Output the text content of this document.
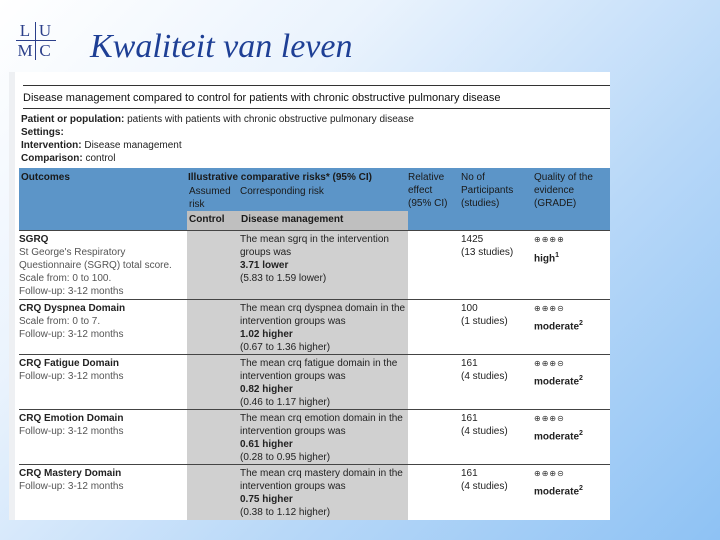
L U
M C Kwaliteit van leven
Disease management compared to control for patients with chronic obstructive pulmonary disease
Patient or population: patients with patients with chronic obstructive pulmonary disease
Settings:
Intervention: Disease management
Comparison: control
Outcomes	Illustrative comparative risks* (95% CI)
Assumed
risk
Corresponding risk
Control Disease management
Relative
effect
(95% CI)
No of
Participants
(studies)
Quality of the
evidence
(GRADE)
SGRQ
St George's Respiratory
Questionnaire (SGRQ) total score.
Scale from: 0 to 100.
Follow-up: 3-12 months
The mean sgrq in the intervention
groups was
3.71 lower
(5.83 to 1.59 lower)
1425
(13 studies)
⊕⊕⊕⊕
high$^1$
CRQ Dyspnea Domain
Scale from: 0 to 7.
Follow-up: 3-12 months
The mean crq dyspnea domain in the
intervention groups was
1.02 higher
(0.67 to 1.36 higher)
100
(1 studies)
⊕⊕⊕⊝
moderate$^2$
CRQ Fatigue Domain
Follow-up: 3-12 months
The mean crq fatigue domain in the
intervention groups was
0.82 higher
(0.46 to 1.17 higher)
161
(4 studies)
⊕⊕⊕⊝
moderate$^2$
CRQ Emotion Domain
Follow-up: 3-12 months
The mean crq emotion domain in the
intervention groups was
0.61 higher
(0.28 to 0.95 higher)
161
(4 studies)
⊕⊕⊕⊝
moderate$^2$
CRQ Mastery Domain
Follow-up: 3-12 months
The mean crq mastery domain in the
intervention groups was
0.75 higher
(0.38 to 1.12 higher)
161
(4 studies)
⊕⊕⊕⊝
moderate$^2$
